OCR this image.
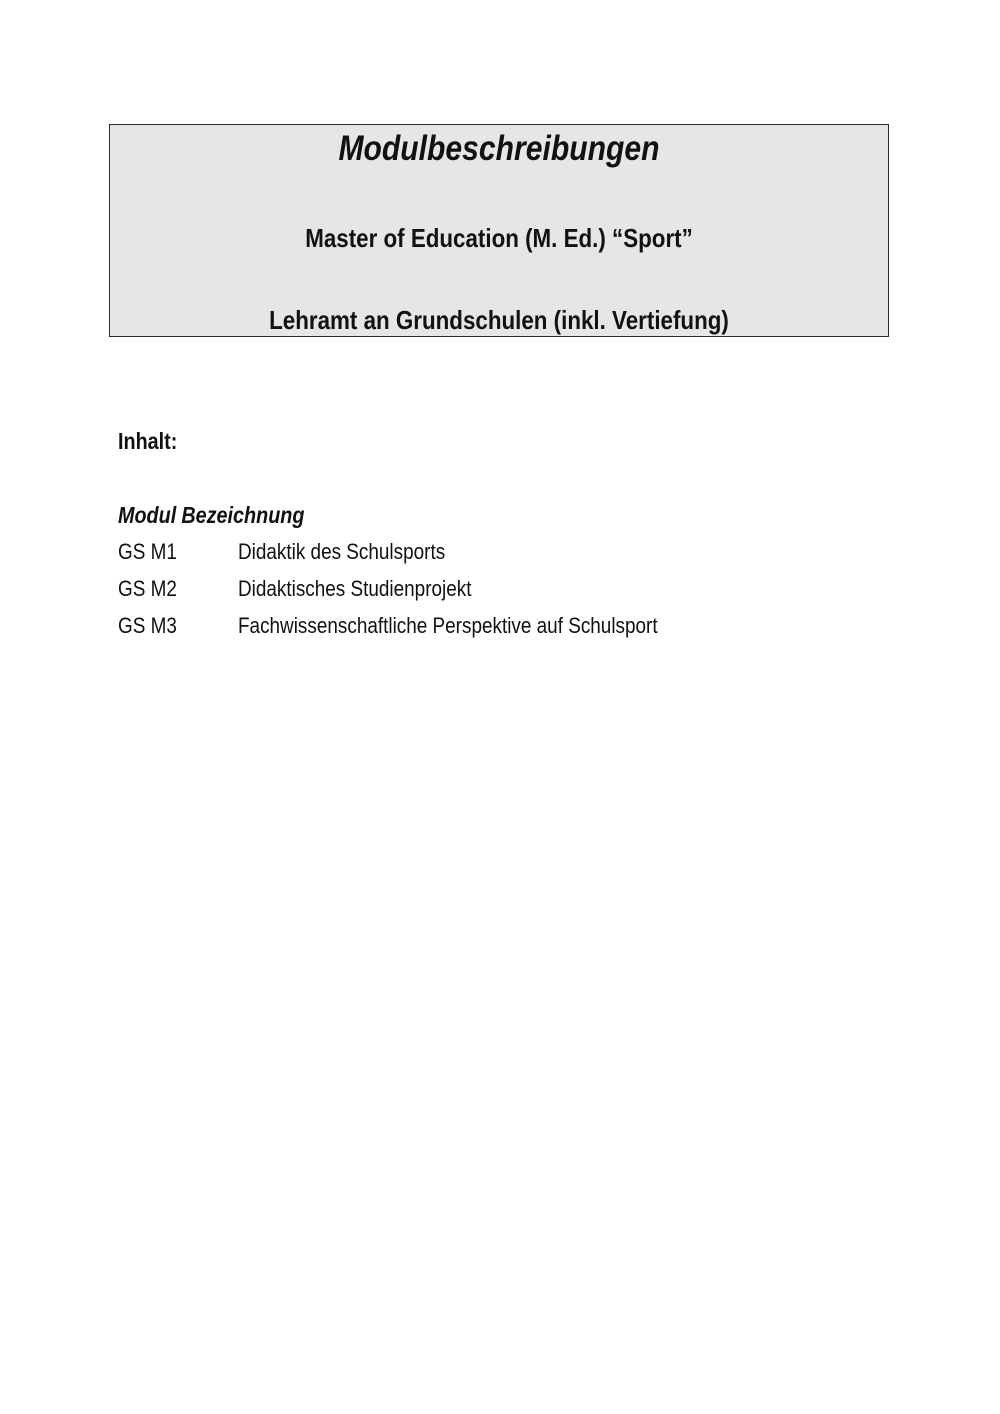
Modulbeschreibungen
Master of Education (M. Ed.) “Sport”
Lehramt an Grundschulen (inkl. Vertiefung)
Inhalt:
Modul Bezeichnung
GS M1	Didaktik des Schulsports
GS M2	Didaktisches Studienprojekt
GS M3	Fachwissenschaftliche Perspektive auf Schulsport
